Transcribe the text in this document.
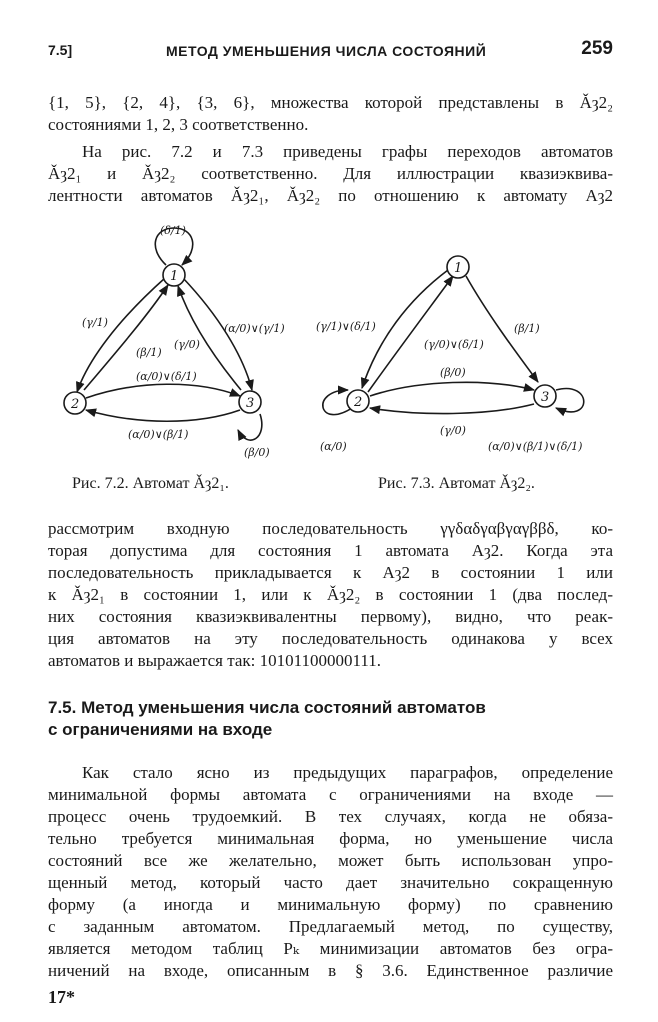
7.5]	МЕТОД УМЕНЬШЕНИЯ ЧИСЛА СОСТОЯНИЙ	259

{1, 5}, {2, 4}, {3, 6}, множества которой представлены в Ǎȝ2₂
состояниями 1, 2, 3 соответственно.

На рис. 7.2 и 7.3 приведены графы переходов автоматов
Ǎȝ2₁ и Ǎȝ2₂ соответственно. Для иллюстрации квазиэквива-
лентности автоматов Ǎȝ2₁, Ǎȝ2₂ по отношению к автомату Aȝ2

1
2	3
(δ/1)
(β/0)
(γ/1)
(β/1)
(γ/0)
(α/0)∨(γ/1)
(α/0)∨(δ/1)
(α/0)∨(β/1)
Рис. 7.2. Автомат Ǎȝ2₁.
1
2	3
(γ/1)∨(δ/1)
(γ/0)∨(δ/1)
(β/1)
(β/0)
(γ/0)
(α/0)	(α/0)∨(β/1)∨(δ/1)
Рис. 7.3. Автомат Ǎȝ2₂.

рассмотрим входную последовательность γγδαδγαβγαγββδ, ко-
торая допустима для состояния 1 автомата Aȝ2. Когда эта
последовательность прикладывается к Aȝ2 в состоянии 1 или
к Ǎȝ2₁ в состоянии 1, или к Ǎȝ2₂ в состоянии 1 (два послед-
них состояния квазиэквивалентны первому), видно, что реак-
ция автоматов на эту последовательность одинакова у всех
автоматов и выражается так: 10101100000111.

7.5. Метод уменьшения числа состояний автоматов
с ограничениями на входе

Как стало ясно из предыдущих параграфов, определение
минимальной формы автомата с ограничениями на входе —
процесс очень трудоемкий. В тех случаях, когда не обяза-
тельно требуется минимальная форма, но уменьшение числа
состояний все же желательно, может быть использован упро-
щенный метод, который часто дает значительно сокращенную
форму (а иногда и минимальную форму) по сравнению
с заданным автоматом. Предлагаемый метод, по существу,
является методом таблиц Pₖ минимизации автоматов без огра-
ничений на входе, описанным в § 3.6. Единственное различие

17*
